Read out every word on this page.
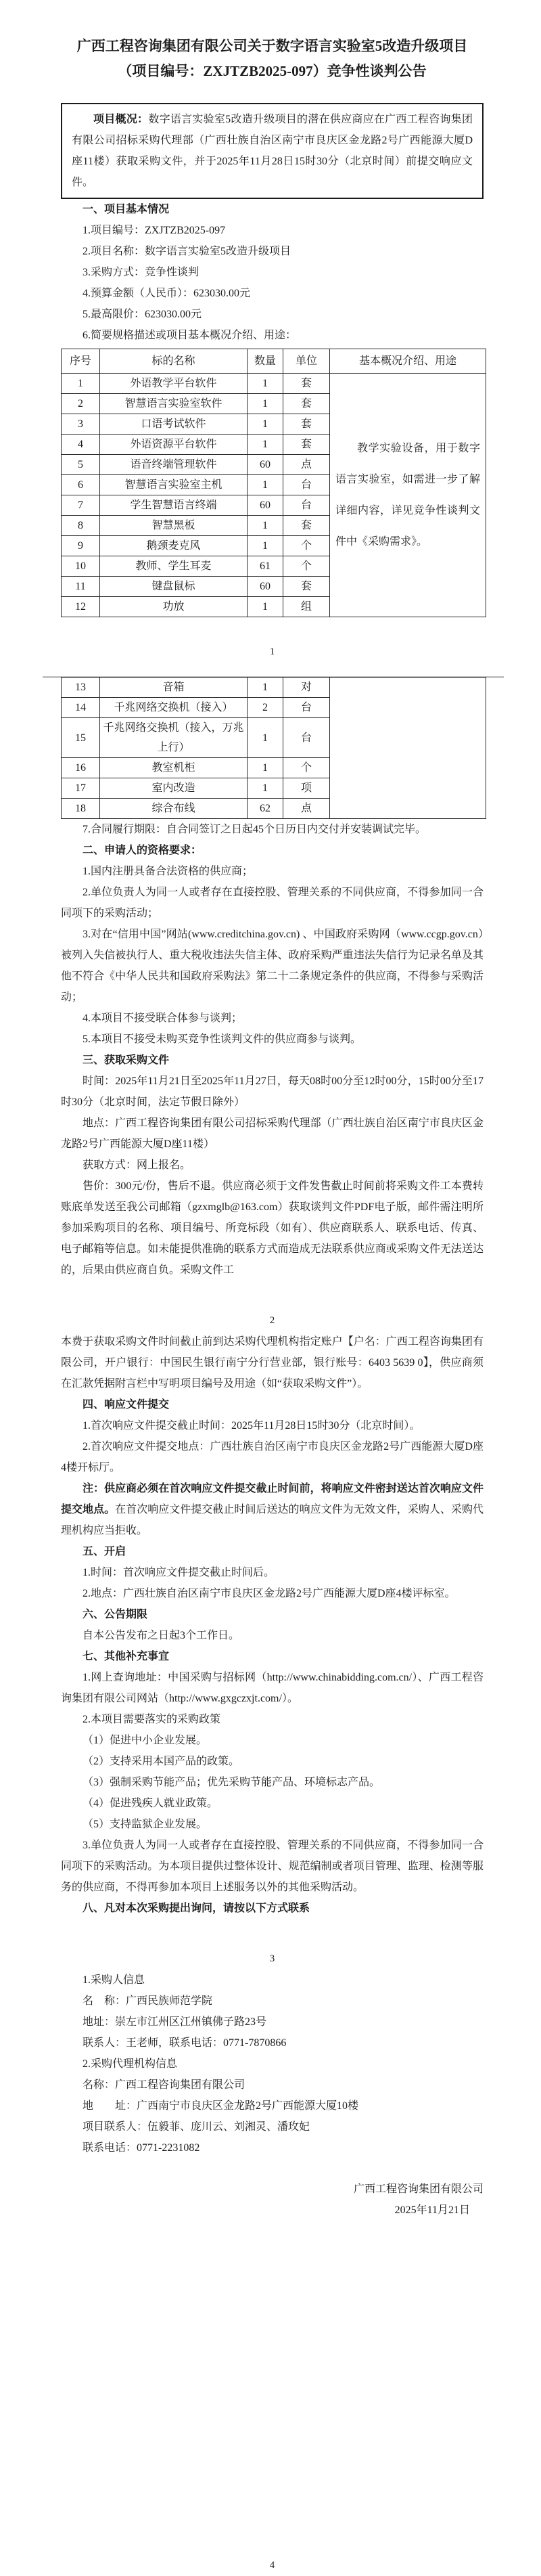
广西工程咨询集团有限公司关于数字语言实验室5改造升级项目
（项目编号：ZXJTZB2025-097）竞争性谈判公告

项目概况：数字语言实验室5改造升级项目的潜在供应商应在广西工程咨询集团有限公司招标采购代理部（广西壮族自治区南宁市良庆区金龙路2号广西能源大厦D座11楼）获取采购文件，并于2025年11月28日15时30分（北京时间）前提交响应文件。

一、项目基本情况

1.项目编号：ZXJTZB2025-097

2.项目名称：数字语言实验室5改造升级项目

3.采购方式：竞争性谈判

4.预算金额（人民币）：623030.00元

5.最高限价：623030.00元

6.简要规格描述或项目基本概况介绍、用途：

序号	标的名称	数量	单位	基本概况介绍、用途
1	外语教学平台软件	1	套	教学实验设备，用于数字语言实验室，如需进一步了解详细内容，详见竞争性谈判文件中《采购需求》。

2	智慧语言实验室软件	1	套	
3	口语考试软件	1	套	
4	外语资源平台软件	1	套	
5	语音终端管理软件	60	点	
6	智慧语言实验室主机	1	台	
7	学生智慧语言终端	60	台	
8	智慧黑板	1	套	
9	鹅颈麦克风	1	个	
10	教师、学生耳麦	61	个	
11	键盘鼠标	60	套	
12	功放	1	组	
1
13	音箱	1	对	
14	千兆网络交换机（接入）	2	台	
15	千兆网络交换机（接入，万兆上行）	1	台	
16	教室机柜	1	个	
17	室内改造	1	项	
18	综合布线	62	点	

7.合同履行期限：自合同签订之日起45个日历日内交付并安装调试完毕。

二、申请人的资格要求：

1.国内注册具备合法资格的供应商；

2.单位负责人为同一人或者存在直接控股、管理关系的不同供应商，不得参加同一合同项下的采购活动；

3.对在“信用中国”网站(www.creditchina.gov.cn) 、中国政府采购网（www.ccgp.gov.cn）被列入失信被执行人、重大税收违法失信主体、政府采购严重违法失信行为记录名单及其他不符合《中华人民共和国政府采购法》第二十二条规定条件的供应商，不得参与采购活动；

4.本项目不接受联合体参与谈判；

5.本项目不接受未购买竞争性谈判文件的供应商参与谈判。

三、获取采购文件

时间：2025年11月21日至2025年11月27日，每天08时00分至12时00分，15时00分至17时30分（北京时间，法定节假日除外）

地点：广西工程咨询集团有限公司招标采购代理部（广西壮族自治区南宁市良庆区金龙路2号广西能源大厦D座11楼）

获取方式：网上报名。

售价：300元/份，售后不退。供应商必须于文件发售截止时间前将采购文件工本费转账底单发送至我公司邮箱（gzxmglb@163.com）获取谈判文件PDF电子版，邮件需注明所参加采购项目的名称、项目编号、所竞标段（如有）、供应商联系人、联系电话、传真、电子邮箱等信息。如未能提供准确的联系方式而造成无法联系供应商或采购文件无法送达的，后果由供应商自负。采购文件工

2

本费于获取采购文件时间截止前到达采购代理机构指定账户【户名：广西工程咨询集团有限公司，开户银行：中国民生银行南宁分行营业部，银行账号：6403 5639 0】，供应商须在汇款凭据附言栏中写明项目编号及用途（如“获取采购文件”）。

四、响应文件提交

1.首次响应文件提交截止时间：2025年11月28日15时30分（北京时间）。

2.首次响应文件提交地点：广西壮族自治区南宁市良庆区金龙路2号广西能源大厦D座4楼开标厅。

注：供应商必须在首次响应文件提交截止时间前，将响应文件密封送达首次响应文件提交地点。在首次响应文件提交截止时间后送达的响应文件为无效文件，采购人、采购代理机构应当拒收。

五、开启

1.时间：首次响应文件提交截止时间后。

2.地点：广西壮族自治区南宁市良庆区金龙路2号广西能源大厦D座4楼评标室。

六、公告期限

自本公告发布之日起3个工作日。

七、其他补充事宜

1.网上查询地址：中国采购与招标网（http://www.chinabidding.com.cn/）、广西工程咨询集团有限公司网站（http://www.gxgczxjt.com/）。

2.本项目需要落实的采购政策

（1）促进中小企业发展。

（2）支持采用本国产品的政策。

（3）强制采购节能产品；优先采购节能产品、环境标志产品。

（4）促进残疾人就业政策。

（5）支持监狱企业发展。

3.单位负责人为同一人或者存在直接控股、管理关系的不同供应商，不得参加同一合同项下的采购活动。为本项目提供过整体设计、规范编制或者项目管理、监理、检测等服务的供应商，不得再参加本项目上述服务以外的其他采购活动。

八、凡对本次采购提出询问，请按以下方式联系

3

1.采购人信息

名　称：广西民族师范学院

地址：崇左市江州区江州镇佛子路23号

联系人：王老师，联系电话：0771-7870866

2.采购代理机构信息

名称：广西工程咨询集团有限公司

地　　址：广西南宁市良庆区金龙路2号广西能源大厦10楼

项目联系人：伍毅菲、庞川云、刘湘灵、潘玫妃

联系电话：0771-2231082

广西工程咨询集团有限公司

2025年11月21日

4
